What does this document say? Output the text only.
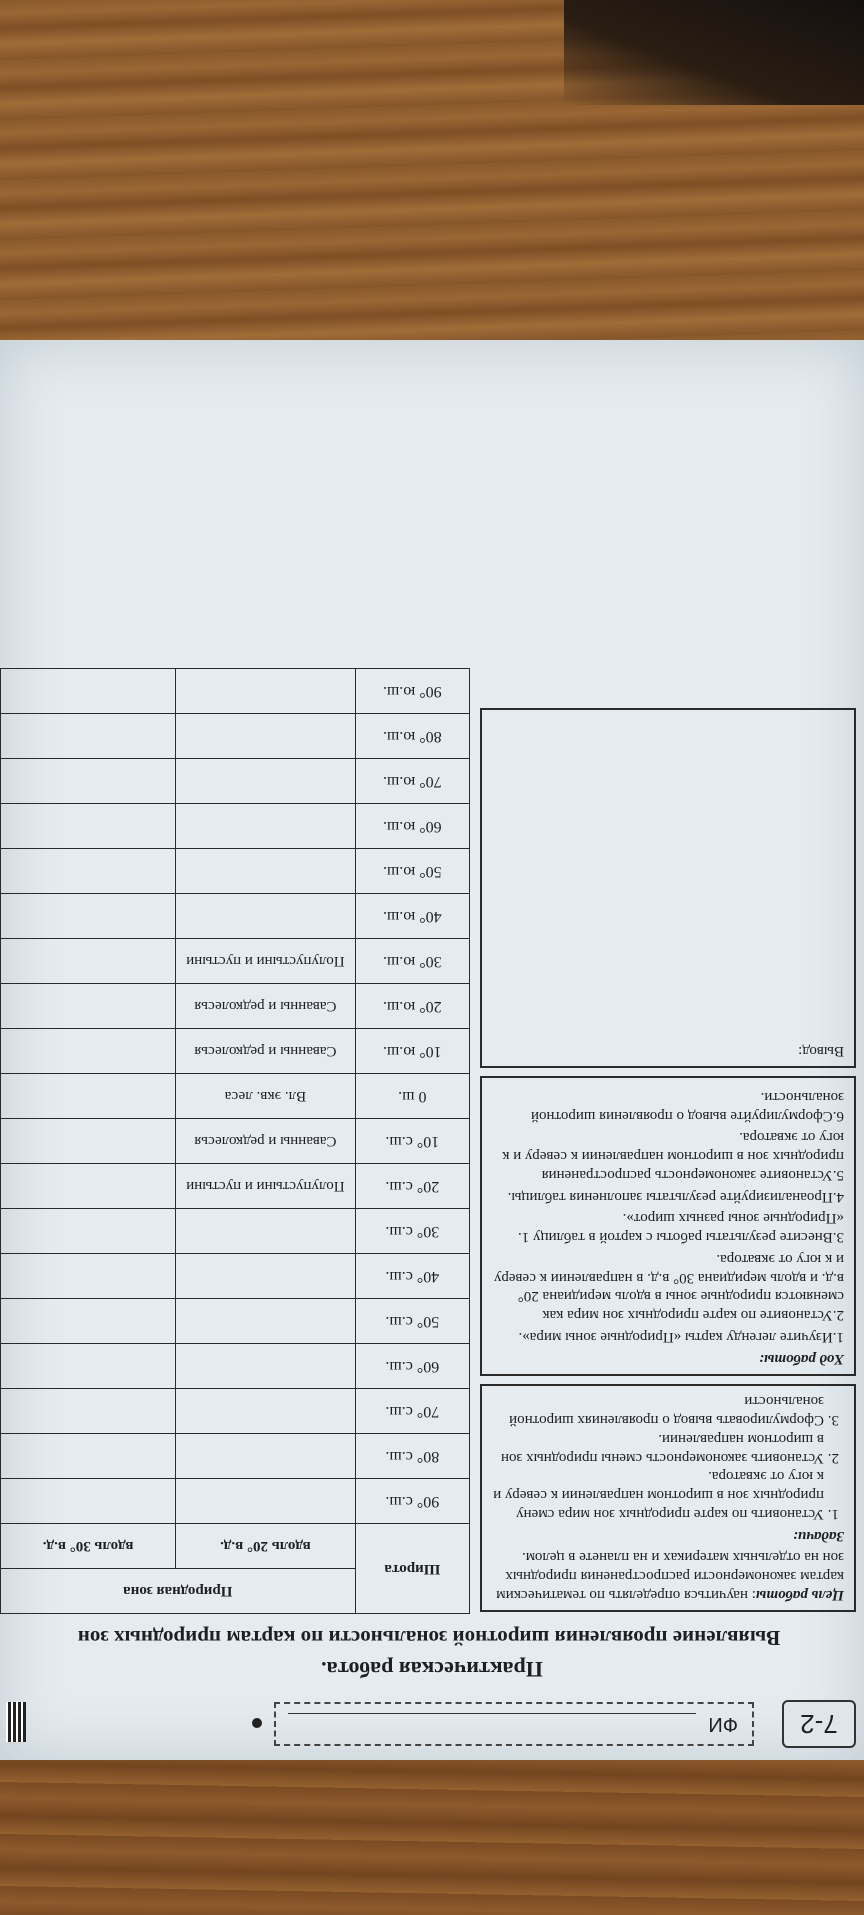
7-2
ФИ
Практическая работа.
Выявление проявления широтной зональности по картам природных зон

Цель работы: научиться определять по тематическим картам закономерности распространения природных зон на отдельных материках и на планете в целом.

Задачи:

1. Установить по карте природных зон мира смену природных зон в широтном направлении к северу и к югу от экватора.
2. Установить закономерность смены природных зон в широтном направлении.
3. Сформулировать вывод о проявлениях широтной зональности

Ход работы:

1.Изучите легенду карты «Природные зоны мира».

2.Установите по карте природных зон мира как сменяются природные зоны в вдоль меридиана 20° в.д. и вдоль меридиана 30° в.д. в направлении к северу и к югу от экватора.

3.Внесите результаты работы с картой в таблицу 1. «Природные зоны разных широт».

4.Проанализируйте результаты заполнения таблицы.

5.Установите закономерность распространения природных зон в широтном направлении к северу и к югу от экватора.

6.Сформулируйте вывод о проявления широтной зональности.

Вывод:

Широта	Природная зона	
	вдоль 20° в.д.	вдоль 30° в.д.
90° с.ш.		
80° с.ш.		
70° с.ш.		
60° с.ш.		
50° с.ш.		
40° с.ш.		
30° с.ш.		
20° с.ш.	Полупустыни и пустыни	
10° с.ш.	Саванны и редколесья	
0 ш.	Вл. экв. леса	
10° ю.ш.	Саванны и редколесья	
20° ю.ш.	Саванны и редколесья	
30° ю.ш.	Полупустыни и пустыни	
40° ю.ш.		
50° ю.ш.		
60° ю.ш.		
70° ю.ш.		
80° ю.ш.		
90° ю.ш.		
